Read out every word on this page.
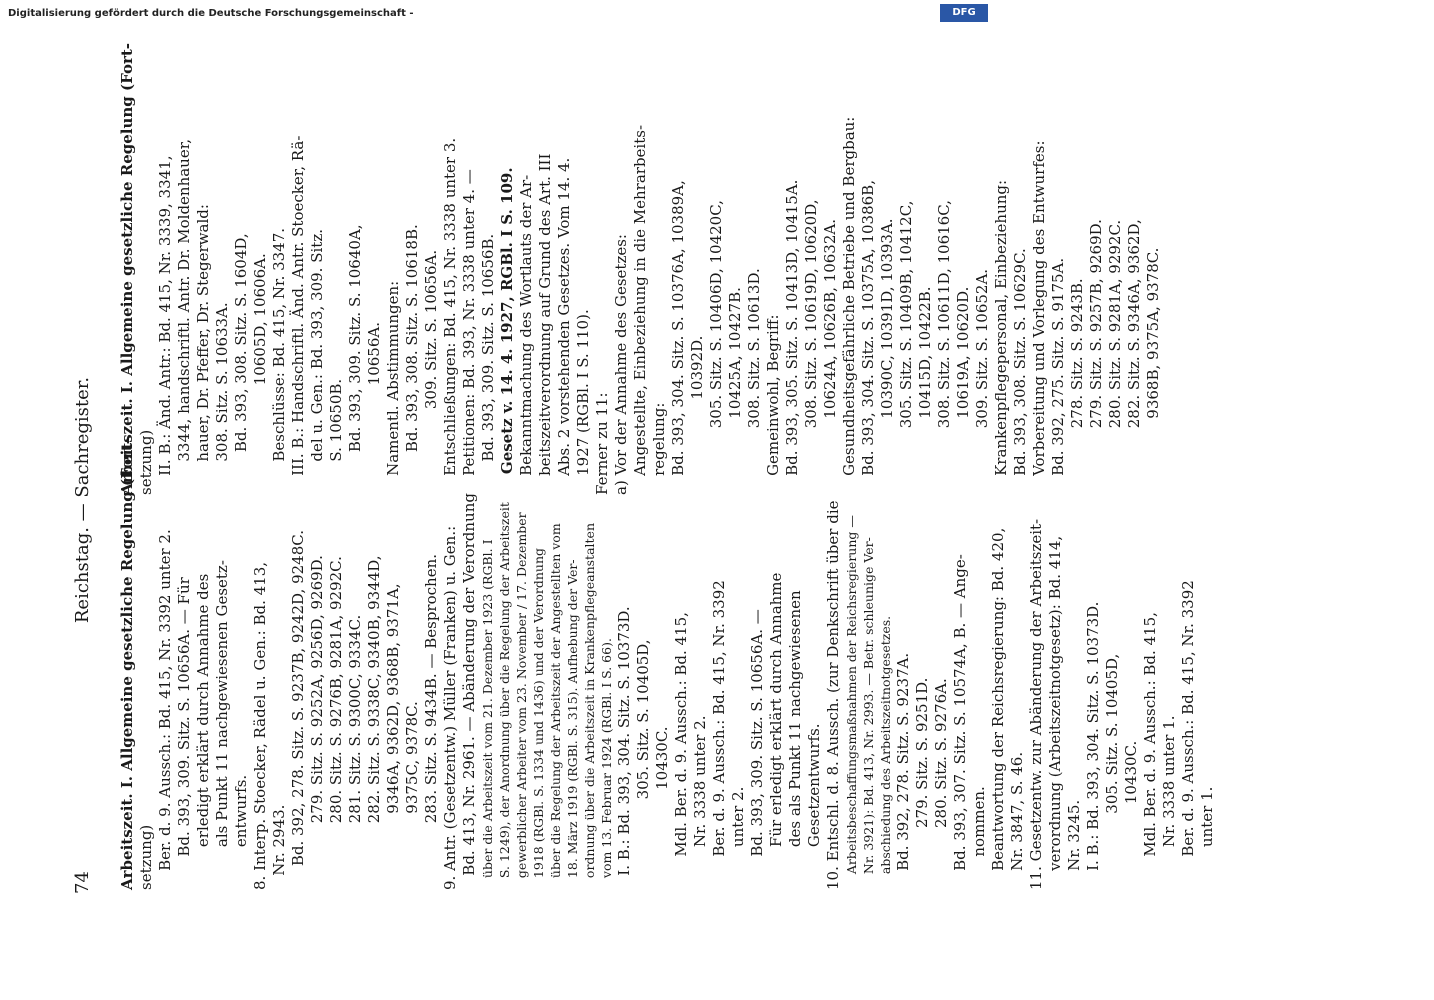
Digitalisierung gefördert durch die Deutsche Forschungsgemeinschaft -	DFG
74
Reichstag. — Sachregister. Arbeitszeit. I. Allgemeine gesetzliche Regelung (Fort- setzung) Ber. d. 9. Aussch.: Bd. 415, Nr. 3392 unter 2. Bd. 393, 309. Sitz. S. 10656A. — Für erledigt erklärt durch Annahme des als Punkt 11 nachgewiesenen Gesetz- entwurfs. 8. Interp. Stoecker, Rädel u. Gen.: Bd. 413, Nr. 2943. Bd. 392, 278. Sitz. S. 9237B, 9242D, 9248C. 279. Sitz. S. 9252A, 9256D, 9269D. 280. Sitz. S. 9276B, 9281A, 9292C. 281. Sitz. S. 9300C, 9334C. 282. Sitz. S. 9338C, 9340B, 9344D, 9346A, 9362D, 9368B, 9371A, 9375C, 9378C. 283. Sitz. S. 9434B. — Besprochen. 9. Antr. (Gesetzentw.) Müller (Franken) u. Gen.: Bd. 413, Nr. 2961. — Abänderung der Verordnung über die Arbeitszeit vom 21. Dezember 1923 (RGBl. I S. 1249), der Anordnung über die Regelung der Arbeitszeit gewerblicher Arbeiter vom 23. November / 17. Dezember 1918 (RGBl. S. 1334 und 1436) und der Verordnung über die Regelung der Arbeitszeit der Angestellten vom 18. März 1919 (RGBl. S. 315). Aufhebung der Ver- ordnung über die Arbeitszeit in Krankenpflegeanstalten vom 13. Februar 1924 (RGBl. I S. 66). I. B.: Bd. 393, 304. Sitz. S. 10373D. 305. Sitz. S. 10405D, 10430C. Mdl. Ber. d. 9. Aussch.: Bd. 415, Nr. 3338 unter 2. Ber. d. 9. Aussch.: Bd. 415, Nr. 3392 unter 2. Bd. 393, 309. Sitz. S. 10656A. — Für erledigt erklärt durch Annahme des als Punkt 11 nachgewiesenen Gesetzentwurfs. 10. Entschl. d. 8. Aussch. (zur Denkschrift über die Arbeitsbeschaffungsmaßnahmen der Reichsregierung — Nr. 3921): Bd. 413, Nr. 2993. — Betr. schleunige Ver- abschiedung des Arbeitszeitnotgesetzes. Bd. 392, 278. Sitz. S. 9237A. 279. Sitz. S. 9251D. 280. Sitz. S. 9276A. Bd. 393, 307. Sitz. S. 10574A, B. — Ange- nommen. Beantwortung der Reichsregierung: Bd. 420, Nr. 3847, S. 46. 11. Gesetzentw. zur Abänderung der Arbeitszeit- verordnung (Arbeitszeitnotgesetz): Bd. 414, Nr. 3245. I. B.: Bd. 393, 304. Sitz. S. 10373D. 305. Sitz. S. 10405D, 10430C. Mdl. Ber. d. 9. Aussch.: Bd. 415, Nr. 3338 unter 1. Ber. d. 9. Aussch.: Bd. 415, Nr. 3392 unter 1.
Arbeitszeit. I. Allgemeine gesetzliche Regelung (Fort- setzung) II. B.: Änd. Antr.: Bd. 415, Nr. 3339, 3341, 3344, handschriftl. Antr. Dr. Moldenhauer, hauer, Dr. Pfeffer, Dr. Stegerwald: 308. Sitz. S. 10633A. Bd. 393, 308. Sitz. S. 1604D, 10605D, 10606A. Beschlüsse: Bd. 415, Nr. 3347. III. B.: Handschriftl. Änd. Antr. Stoecker, Rä- del u. Gen.: Bd. 393, 309. Sitz. S. 10650B. Bd. 393, 309. Sitz. S. 10640A, 10656A. Namentl. Abstimmungen: Bd. 393, 308. Sitz. S. 10618B. 309. Sitz. S. 10656A. Entschließungen: Bd. 415, Nr. 3338 unter 3. Petitionen: Bd. 393, Nr. 3338 unter 4. — Bd. 393, 309. Sitz. S. 10656B. Gesetz v. 14. 4. 1927, RGBl. I S. 109. Bekanntmachung des Wortlauts der Ar- beitszeitverordnung auf Grund des Art. III Abs. 2 vorstehenden Gesetzes. Vom 14. 4. 1927 (RGBl. I S. 110). Ferner zu 11: a) Vor der Annahme des Gesetzes: Angestellte, Einbeziehung in die Mehrarbeits- regelung: Bd. 393, 304. Sitz. S. 10376A, 10389A, 10392D. 305. Sitz. S. 10406D, 10420C, 10425A, 10427B. 308. Sitz. S. 10613D. Gemeinwohl, Begriff: Bd. 393, 305. Sitz. S. 10413D, 10415A. 308. Sitz. S. 10619D, 10620D, 10624A, 10626B, 10632A. Gesundheitsgefährliche Betriebe und Bergbau: Bd. 393, 304. Sitz. S. 10375A, 10386B, 10390C, 10391D, 10393A. 305. Sitz. S. 10409B, 10412C, 10415D, 10422B. 308. Sitz. S. 10611D, 10616C, 10619A, 10620D. 309. Sitz. S. 10652A. Krankenpflegepersonal, Einbeziehung: Bd. 393, 308. Sitz. S. 10629C. Vorbereitung und Vorlegung des Entwurfes: Bd. 392, 275. Sitz. S. 9175A. 278. Sitz. S. 9243B. 279. Sitz. S. 9257B, 9269D. 280. Sitz. S. 9281A, 9292C. 282. Sitz. S. 9346A, 9362D, 9368B, 9375A, 9378C.
